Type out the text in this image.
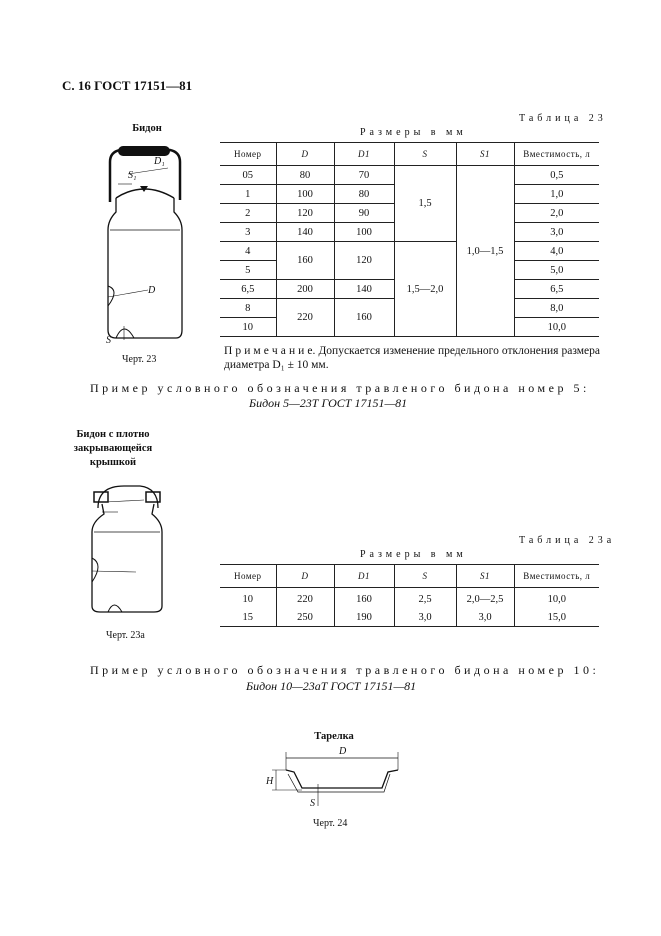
С. 16 ГОСТ 17151—81
Бидон
D₁
S₁
D
S
Черт. 23
Таблица 23
Размеры в мм
Номер	D	D1	S	S1	Вместимость, л
05	80	70	1,5	1,0—1,5	0,5
1	100	80			1,0
2	120	90			2,0
3	140	100			3,0
4	160	120	1,5—2,0		4,0
5					5,0
6,5	200	140			6,5
8	220	160			8,0
10					10,0
П р и м е ч а н и е. Допускается изменение предельного отклонения размера диаметра D₁ ± 10 мм.
Пример условного обозначения травленого бидона номер 5:
Бидон 5—23Т ГОСТ 17151—81
Бидон с плотно закрывающейся крышкой
Черт. 23а
Таблица 23а
Размеры в мм
Номер	D	D1	S	S1	Вместимость, л
10	220	160	2,5	2,0—2,5	10,0
15	250	190	3,0	3,0	15,0
Пример условного обозначения травленого бидона номер 10:
Бидон 10—23аТ ГОСТ 17151—81
Тарелка
D
H
S
Черт. 24
